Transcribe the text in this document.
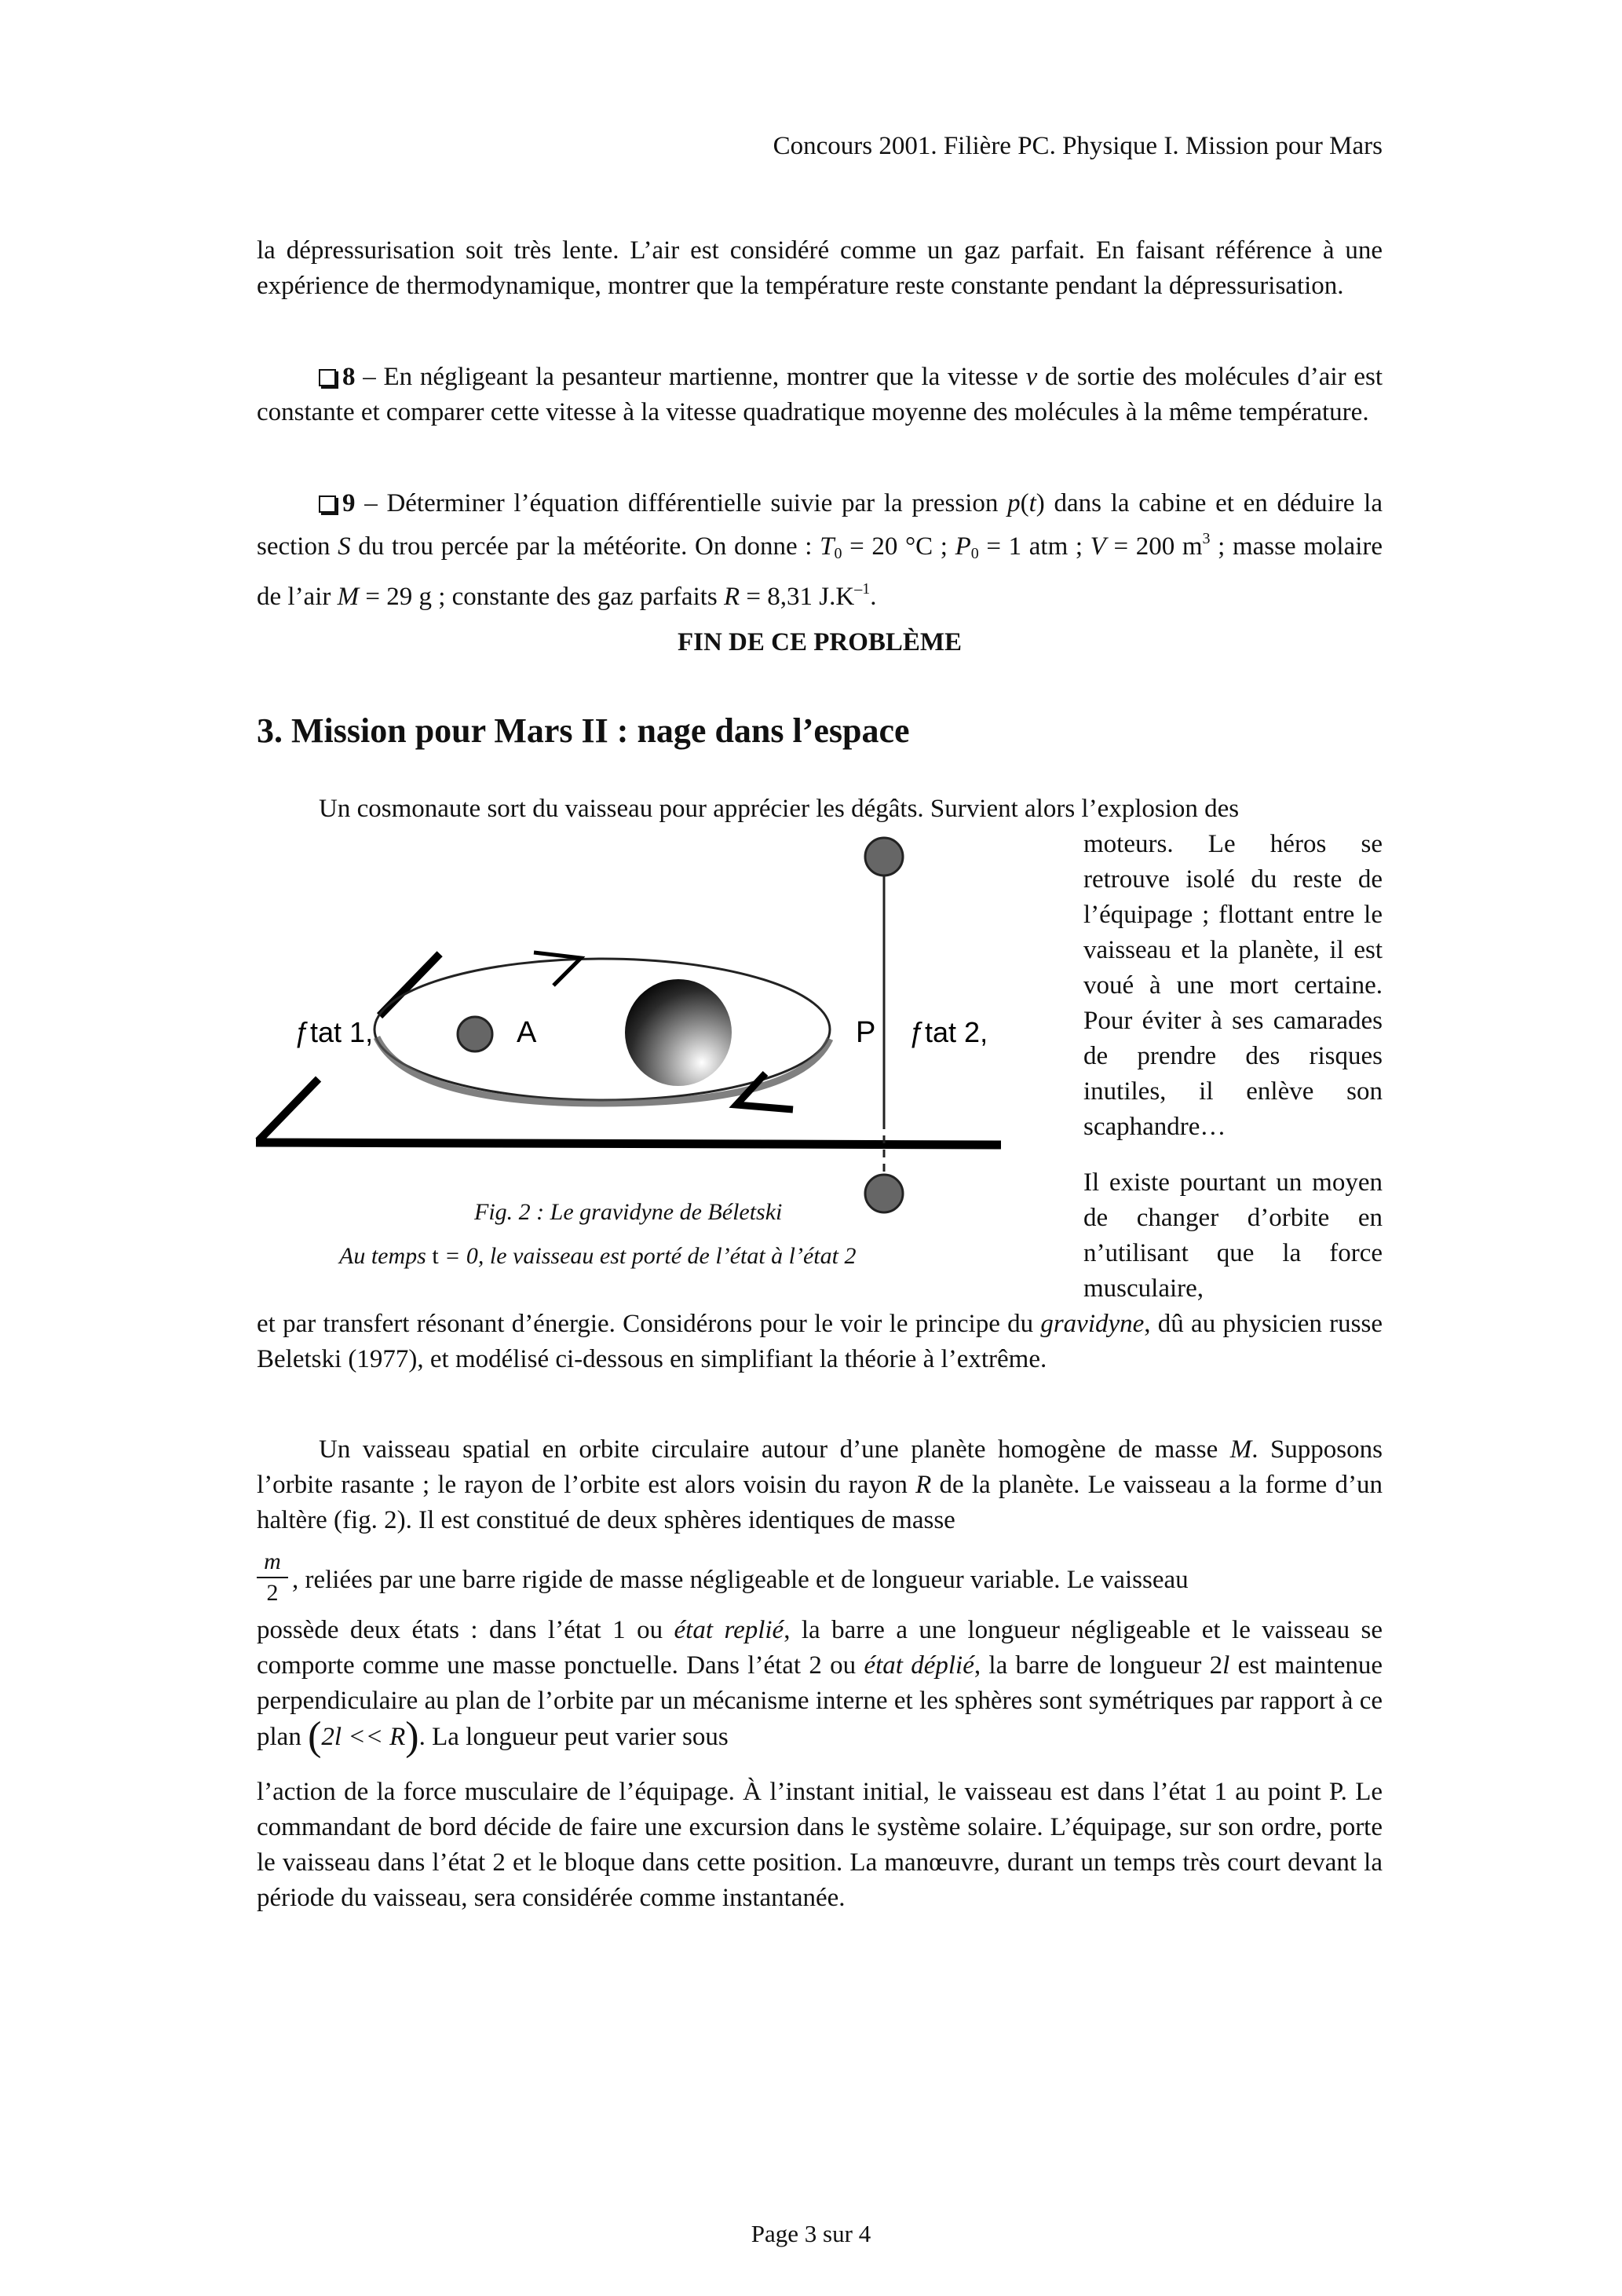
Concours 2001. Filière PC. Physique I. Mission pour Mars

la dépressurisation soit très lente. L’air est considéré comme un gaz parfait. En faisant référence à une expérience de thermodynamique, montrer que la température reste constante pendant la dépressurisation.

8 – En négligeant la pesanteur martienne, montrer que la vitesse v de sortie des molécules d’air est constante et comparer cette vitesse à la vitesse quadratique moyenne des molécules à la même température.

9 – Déterminer l’équation différentielle suivie par la pression p(t) dans la cabine et en déduire la section S du trou percée par la météorite. On donne : $T_0 = 20$ °C ; $P_0 = 1$ atm ; V = 200 $m^3$ ; masse molaire de l’air M = 29 g ; constante des gaz parfaits R = 8,31 $J.K^{-1}$.

FIN DE CE PROBLÈME
3. Mission pour Mars II : nage dans l’espace
Un cosmonaute sort du vaisseau pour apprécier les dégâts. Survient alors l’explosion des

moteurs. Le héros se retrouve isolé du reste de l’équipage ; flottant entre le vaisseau et la planète, il est voué à une mort certaine. Pour éviter à ses camarades de prendre des risques inutiles, il enlève son scaphandre…

Il existe pourtant un moyen de changer d’orbite en n’utilisant que la force musculaire,

A	P
ƒtat 1,	ƒtat 2,
Fig. 2 : Le gravidyne de Béletski
Au temps t = 0, le vaisseau est porté de l’état à l’état 2

et par transfert résonant d’énergie. Considérons pour le voir le principe du gravidyne, dû au physicien russe Beletski (1977), et modélisé ci-dessous en simplifiant la théorie à l’extrême.

Un vaisseau spatial en orbite circulaire autour d’une planète homogène de masse M. Supposons l’orbite rasante ; le rayon de l’orbite est alors voisin du rayon R de la planète. Le vaisseau a la forme d’un haltère (fig. 2). Il est constitué de deux sphères identiques de masse

$\frac{m}{2}$ , reliées par une barre rigide de masse négligeable et de longueur variable. Le vaisseau

possède deux états : dans l’état 1 ou état replié, la barre a une longueur négligeable et le vaisseau se comporte comme une masse ponctuelle. Dans l’état 2 ou état déplié, la barre de longueur 2l est maintenue perpendiculaire au plan de l’orbite par un mécanisme interne et les sphères sont symétriques par rapport à ce plan (2l << R). La longueur peut varier sous

l’action de la force musculaire de l’équipage. À l’instant initial, le vaisseau est dans l’état 1 au point P. Le commandant de bord décide de faire une excursion dans le système solaire. L’équipage, sur son ordre, porte le vaisseau dans l’état 2 et le bloque dans cette position. La manœuvre, durant un temps très court devant la période du vaisseau, sera considérée comme instantanée.

Page 3 sur 4
